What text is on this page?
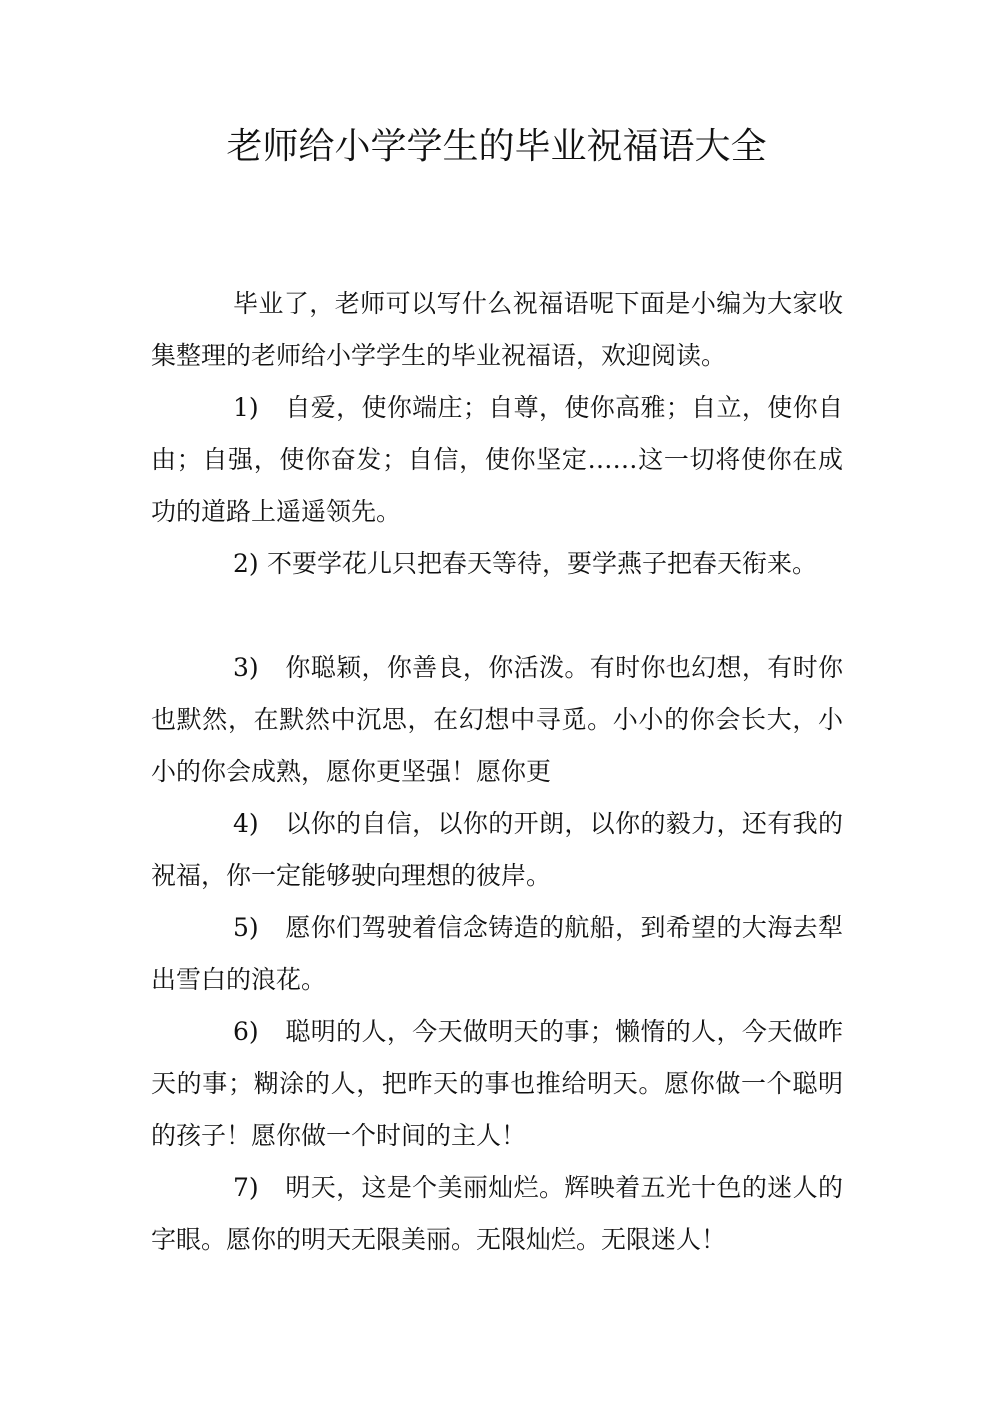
老师给小学学生的毕业祝福语大全

毕业了，老师可以写什么祝福语呢下面是小编为大家收集整理的老师给小学学生的毕业祝福语，欢迎阅读。

1) 自爱，使你端庄；自尊，使你高雅；自立，使你自由；自强，使你奋发；自信，使你坚定……这一切将使你在成功的道路上遥遥领先。

2) 不要学花儿只把春天等待，要学燕子把春天衔来。

3) 你聪颖，你善良，你活泼。有时你也幻想，有时你也默然，在默然中沉思，在幻想中寻觅。小小的你会长大，小小的你会成熟，愿你更坚强！愿你更

4) 以你的自信，以你的开朗，以你的毅力，还有我的祝福，你一定能够驶向理想的彼岸。

5) 愿你们驾驶着信念铸造的航船，到希望的大海去犁出雪白的浪花。

6) 聪明的人，今天做明天的事；懒惰的人，今天做昨天的事；糊涂的人，把昨天的事也推给明天。愿你做一个聪明的孩子！愿你做一个时间的主人！

7) 明天，这是个美丽灿烂。辉映着五光十色的迷人的字眼。愿你的明天无限美丽。无限灿烂。无限迷人！
